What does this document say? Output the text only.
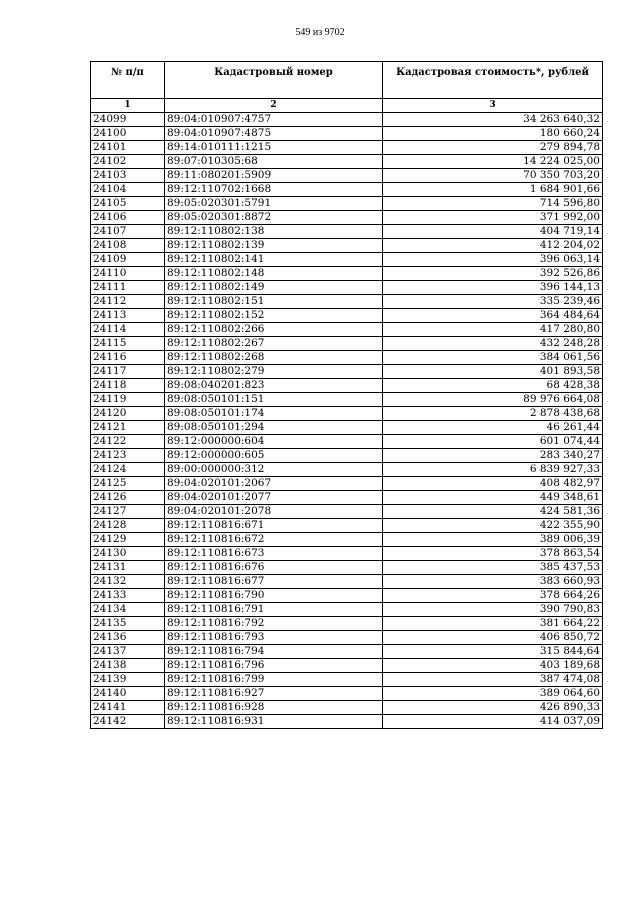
549 из 9702
№ п/п	Кадастровый номер	Кадастровая стоимость*, рублей
1	2	3
24099	89:04:010907:4757	34 263 640,32
24100	89:04:010907:4875	180 660,24
24101	89:14:010111:1215	279 894,78
24102	89:07:010305:68	14 224 025,00
24103	89:11:080201:5909	70 350 703,20
24104	89:12:110702:1668	1 684 901,66
24105	89:05:020301:5791	714 596,80
24106	89:05:020301:8872	371 992,00
24107	89:12:110802:138	404 719,14
24108	89:12:110802:139	412 204,02
24109	89:12:110802:141	396 063,14
24110	89:12:110802:148	392 526,86
24111	89:12:110802:149	396 144,13
24112	89:12:110802:151	335 239,46
24113	89:12:110802:152	364 484,64
24114	89:12:110802:266	417 280,80
24115	89:12:110802:267	432 248,28
24116	89:12:110802:268	384 061,56
24117	89:12:110802:279	401 893,58
24118	89:08:040201:823	68 428,38
24119	89:08:050101:151	89 976 664,08
24120	89:08:050101:174	2 878 438,68
24121	89:08:050101:294	46 261,44
24122	89:12:000000:604	601 074,44
24123	89:12:000000:605	283 340,27
24124	89:00:000000:312	6 839 927,33
24125	89:04:020101:2067	408 482,97
24126	89:04:020101:2077	449 348,61
24127	89:04:020101:2078	424 581,36
24128	89:12:110816:671	422 355,90
24129	89:12:110816:672	389 006,39
24130	89:12:110816:673	378 863,54
24131	89:12:110816:676	385 437,53
24132	89:12:110816:677	383 660,93
24133	89:12:110816:790	378 664,26
24134	89:12:110816:791	390 790,83
24135	89:12:110816:792	381 664,22
24136	89:12:110816:793	406 850,72
24137	89:12:110816:794	315 844,64
24138	89:12:110816:796	403 189,68
24139	89:12:110816:799	387 474,08
24140	89:12:110816:927	389 064,60
24141	89:12:110816:928	426 890,33
24142	89:12:110816:931	414 037,09
